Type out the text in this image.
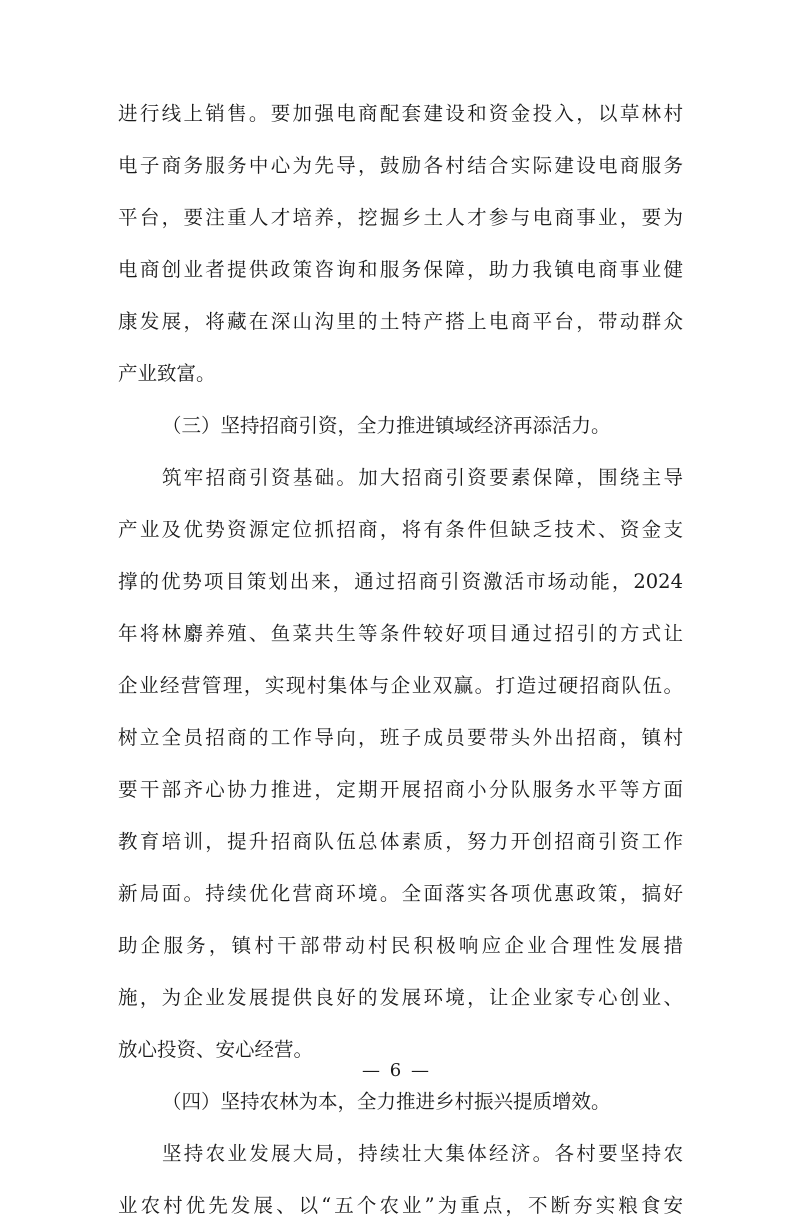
进行线上销售。要加强电商配套建设和资金投入，以草林村
电子商务服务中心为先导，鼓励各村结合实际建设电商服务
平台，要注重人才培养，挖掘乡土人才参与电商事业，要为
电商创业者提供政策咨询和服务保障，助力我镇电商事业健
康发展，将藏在深山沟里的土特产搭上电商平台，带动群众
产业致富。
（三）坚持招商引资，全力推进镇域经济再添活力。
筑牢招商引资基础。加大招商引资要素保障，围绕主导
产业及优势资源定位抓招商，将有条件但缺乏技术、资金支
撑的优势项目策划出来，通过招商引资激活市场动能，2024
年将林麝养殖、鱼菜共生等条件较好项目通过招引的方式让
企业经营管理，实现村集体与企业双赢。打造过硬招商队伍。
树立全员招商的工作导向，班子成员要带头外出招商，镇村
要干部齐心协力推进，定期开展招商小分队服务水平等方面
教育培训，提升招商队伍总体素质，努力开创招商引资工作
新局面。持续优化营商环境。全面落实各项优惠政策，搞好
助企服务，镇村干部带动村民积极响应企业合理性发展措
施，为企业发展提供良好的发展环境，让企业家专心创业、
放心投资、安心经营。
（四）坚持农林为本，全力推进乡村振兴提质增效。
坚持农业发展大局，持续壮大集体经济。各村要坚持农
业农村优先发展、以“五个农业”为重点，不断夯实粮食安
— 6 —
